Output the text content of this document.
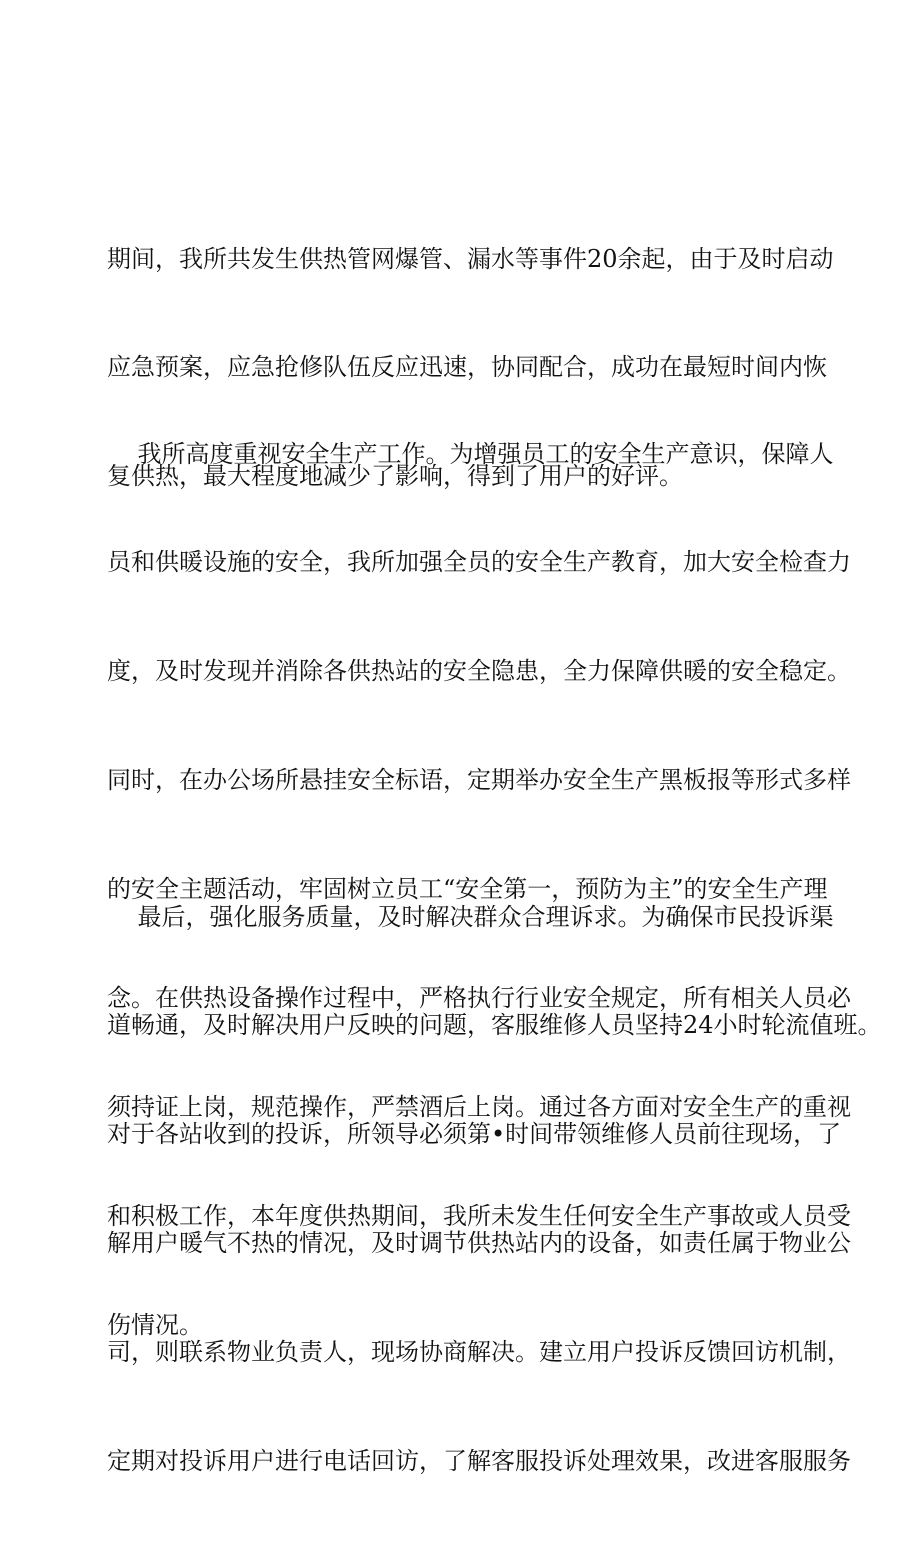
期间，我所共发生供热管网爆管、漏水等事件20余起，由于及时启动

应急预案，应急抢修队伍反应迅速，协同配合，成功在最短时间内恢

复供热，最大程度地减少了影响，得到了用户的好评。

我所高度重视安全生产工作。为增强员工的安全生产意识，保障人

员和供暖设施的安全，我所加强全员的安全生产教育，加大安全检查力

度，及时发现并消除各供热站的安全隐患，全力保障供暖的安全稳定。

同时，在办公场所悬挂安全标语，定期举办安全生产黑板报等形式多样

的安全主题活动，牢固树立员工“安全第一，预防为主”的安全生产理

念。在供热设备操作过程中，严格执行行业安全规定，所有相关人员必

须持证上岗，规范操作，严禁酒后上岗。通过各方面对安全生产的重视

和积极工作，本年度供热期间，我所未发生任何安全生产事故或人员受

伤情况。

最后，强化服务质量，及时解决群众合理诉求。为确保市民投诉渠

道畅通，及时解决用户反映的问题，客服维修人员坚持24小时轮流值班。

对于各站收到的投诉，所领导必须第•时间带领维修人员前往现场，了

解用户暖气不热的情况，及时调节供热站内的设备，如责任属于物业公

司，则联系物业负责人，现场协商解决。建立用户投诉反馈回访机制，

定期对投诉用户进行电话回访，了解客服投诉处理效果，改进客服服务
